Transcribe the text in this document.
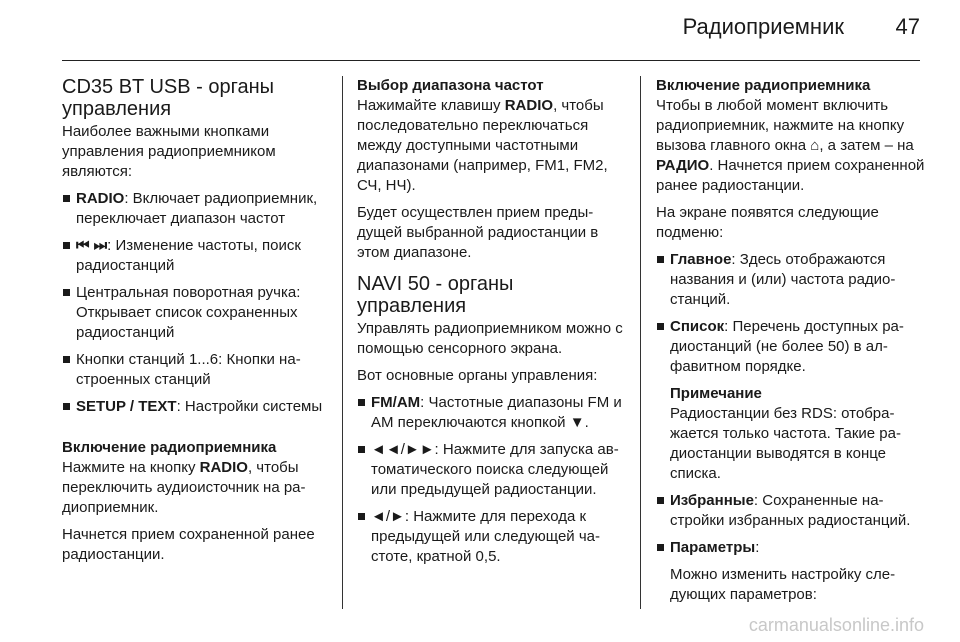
Радиоприемник 47
CD35 BT USB - органы управления

Наиболее важными кнопками управления радиоприемником являются:

RADIO: Включает радиоприемник, переключает диапазон частот
⏮ ⏭: Изменение частоты, поиск радиостанций
Центральная поворотная ручка: Открывает список сохраненных радиостанций
Кнопки станций 1...6: Кнопки настроенных станций
SETUP / TEXT: Настройки системы
Включение радиоприемника

Нажмите на кнопку RADIO, чтобы переключить аудиоисточник на радиоприемник.

Начнется прием сохраненной ранее радиостанции.

Выбор диапазона частот

Нажимайте клавишу RADIO, чтобы последовательно переключаться между доступными частотными диапазонами (например, FM1, FM2, СЧ, НЧ).

Будет осуществлен прием предыдущей выбранной радиостанции в этом диапазоне.

NAVI 50 - органы управления

Управлять радиоприемником можно с помощью сенсорного экрана.

Вот основные органы управления:

FM/AM: Частотные диапазоны FM и AM переключаются кнопкой ▼.
◄◄/►►: Нажмите для запуска автоматического поиска следующей или предыдущей радиостанции.
◄/►: Нажмите для перехода к предыдущей или следующей частоте, кратной 0,5.
Включение радиоприемника

Чтобы в любой момент включить радиоприемник, нажмите на кнопку вызова главного окна ⌂, а затем – на РАДИО. Начнется прием сохраненной ранее радиостанции.

На экране появятся следующие подменю:

Главное: Здесь отображаются названия и (или) частота радиостанций.
Список: Перечень доступных радиостанций (не более 50) в алфавитном порядке.
Примечание
Радиостанции без RDS: отображается только частота. Такие радиостанции выводятся в конце списка.
Избранные: Сохраненные настройки избранных радиостанций.
Параметры:

Можно изменить настройку следующих параметров:

carmanualsonline.info
